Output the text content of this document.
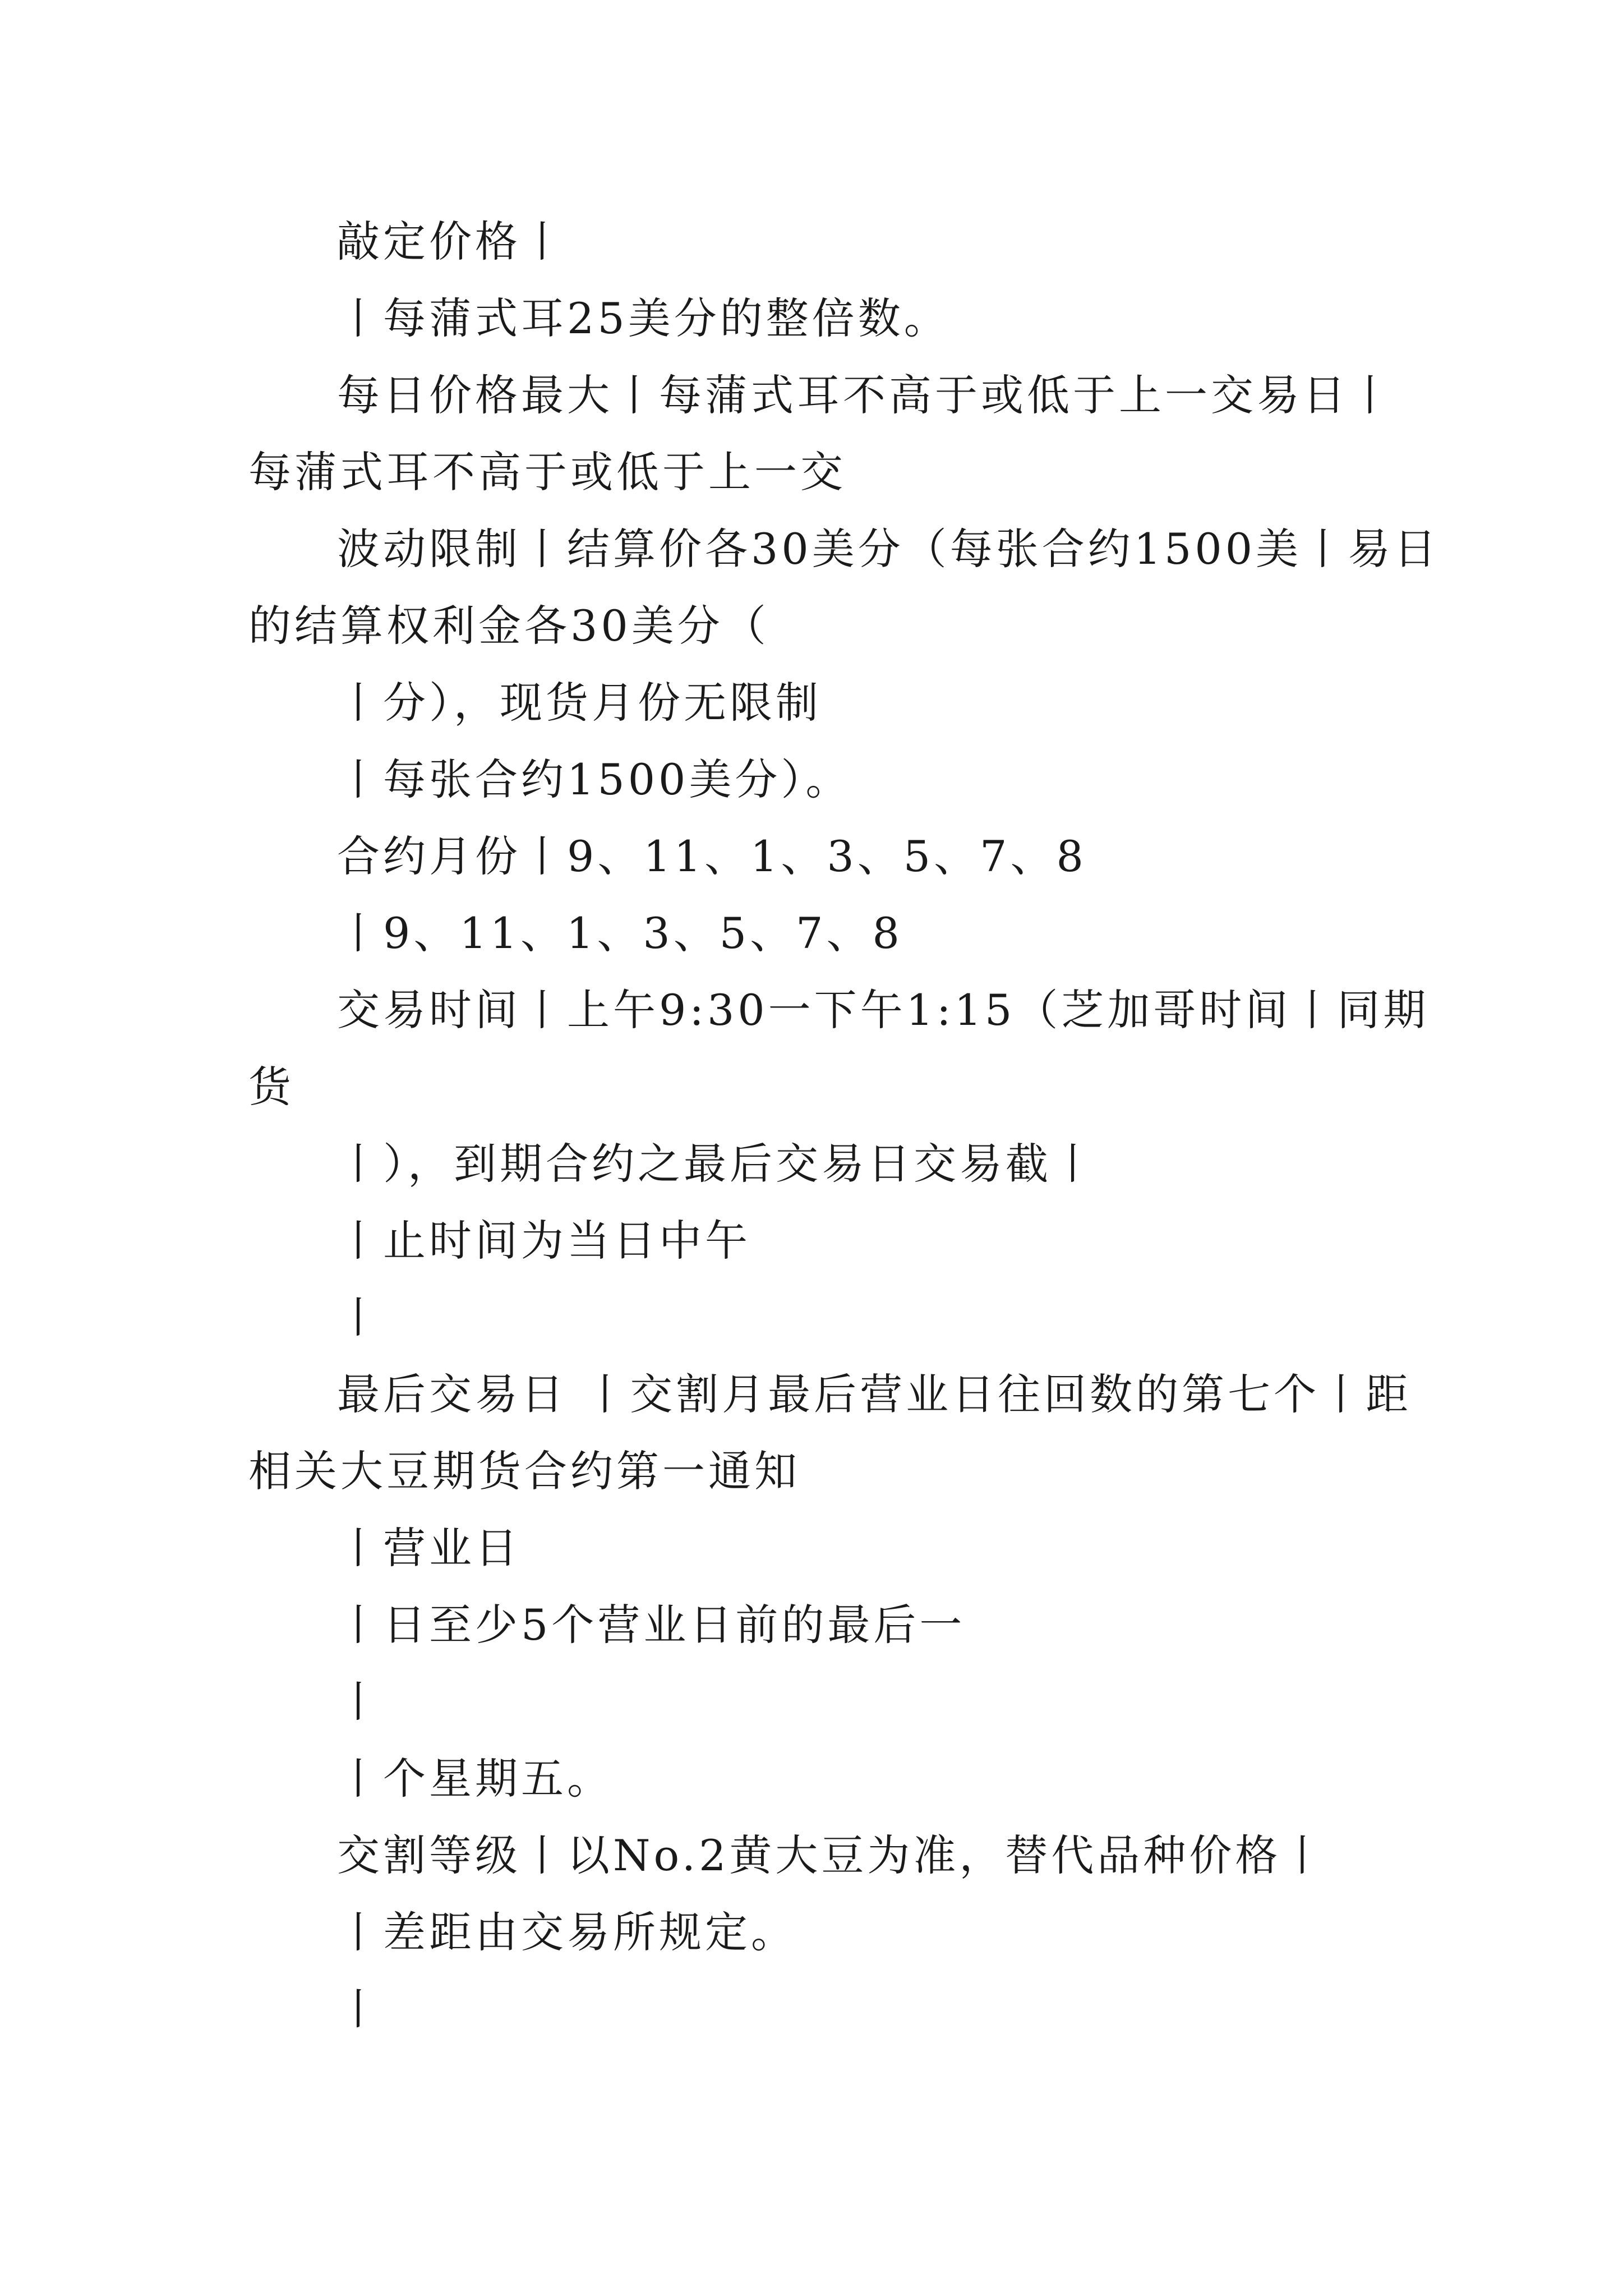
敲定价格丨
丨每蒲式耳25美分的整倍数。
每日价格最大丨每蒲式耳不高于或低于上一交易日丨
每蒲式耳不高于或低于上一交
波动限制丨结算价各30美分（每张合约1500美丨易日
的结算权利金各30美分（
丨分），现货月份无限制
丨每张合约1500美分）。
合约月份丨9、11、1、3、5、7、8
丨9、11、1、3、5、7、8
交易时间丨上午9:30一下午1:15（芝加哥时间丨同期
货
丨），到期合约之最后交易日交易截丨
丨止时间为当日中午
丨
最后交易日 丨交割月最后营业日往回数的第七个丨距
相关大豆期货合约第一通知
丨营业日
丨日至少5个营业日前的最后一
丨
丨个星期五。
交割等级丨以No.2黄大豆为准，替代品种价格丨
丨差距由交易所规定。
丨
